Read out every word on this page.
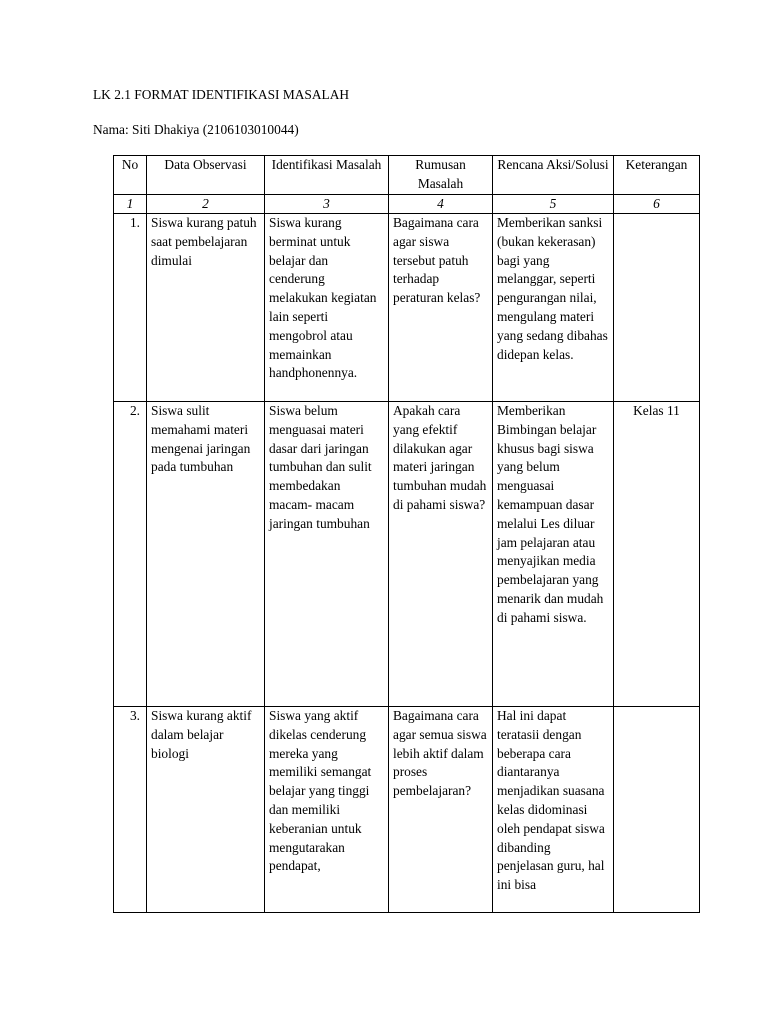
LK 2.1 FORMAT IDENTIFIKASI MASALAH
Nama: Siti Dhakiya (2106103010044)
No	Data Observasi	Identifikasi Masalah	Rumusan Masalah	Rencana Aksi/Solusi	Keterangan
1	2	3	4	5	6
1.	Siswa kurang patuh saat pembelajaran dimulai	Siswa kurang berminat untuk belajar dan cenderung melakukan kegiatan lain seperti mengobrol atau memainkan handphonennya.	Bagaimana cara agar siswa tersebut patuh terhadap peraturan kelas?	Memberikan sanksi (bukan kekerasan) bagi yang melanggar, seperti pengurangan nilai, mengulang materi yang sedang dibahas didepan kelas.	
2.	Siswa sulit memahami materi mengenai jaringan pada tumbuhan	Siswa belum menguasai materi dasar dari jaringan tumbuhan dan sulit membedakan macam- macam jaringan tumbuhan	Apakah cara yang efektif dilakukan agar materi jaringan tumbuhan mudah di pahami siswa?	Memberikan Bimbingan belajar khusus bagi siswa yang belum menguasai kemampuan dasar melalui Les diluar jam pelajaran atau menyajikan media pembelajaran yang menarik dan mudah di pahami siswa.	Kelas 11
3.	Siswa kurang aktif dalam belajar biologi	Siswa yang aktif dikelas cenderung mereka yang memiliki semangat belajar yang tinggi dan memiliki keberanian untuk mengutarakan pendapat,	Bagaimana cara agar semua siswa lebih aktif dalam proses pembelajaran?	Hal ini dapat teratasii dengan beberapa cara diantaranya menjadikan suasana kelas didominasi oleh pendapat siswa dibanding penjelasan guru, hal ini bisa	
